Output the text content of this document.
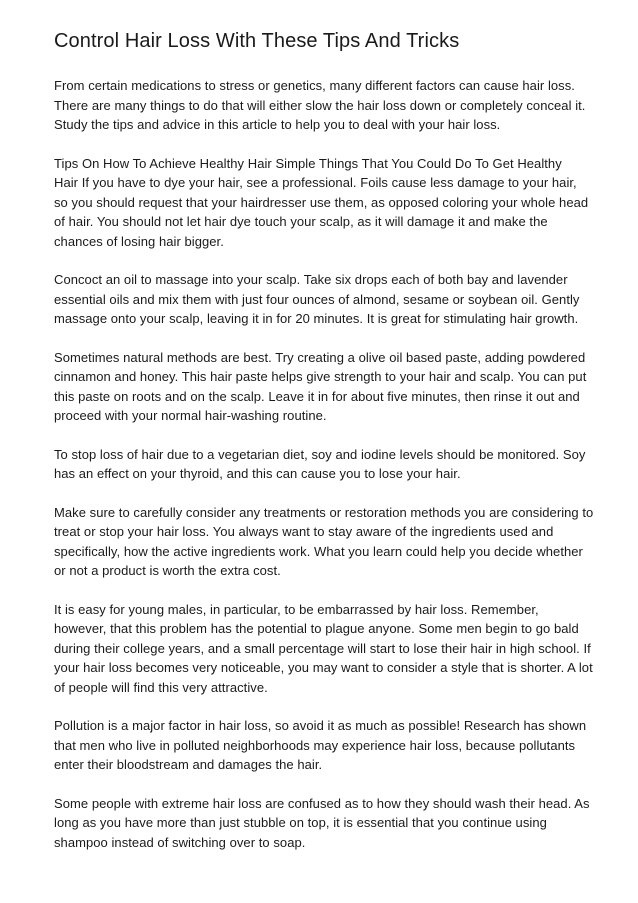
Control Hair Loss With These Tips And Tricks

From certain medications to stress or genetics, many different factors can cause hair loss.
There are many things to do that will either slow the hair loss down or completely conceal it.
Study the tips and advice in this article to help you to deal with your hair loss.

Tips On How To Achieve Healthy Hair Simple Things That You Could Do To Get Healthy
Hair If you have to dye your hair, see a professional. Foils cause less damage to your hair,
so you should request that your hairdresser use them, as opposed coloring your whole head
of hair. You should not let hair dye touch your scalp, as it will damage it and make the
chances of losing hair bigger.

Concoct an oil to massage into your scalp. Take six drops each of both bay and lavender
essential oils and mix them with just four ounces of almond, sesame or soybean oil. Gently
massage onto your scalp, leaving it in for 20 minutes. It is great for stimulating hair growth.

Sometimes natural methods are best. Try creating a olive oil based paste, adding powdered
cinnamon and honey. This hair paste helps give strength to your hair and scalp. You can put
this paste on roots and on the scalp. Leave it in for about five minutes, then rinse it out and
proceed with your normal hair-washing routine.

To stop loss of hair due to a vegetarian diet, soy and iodine levels should be monitored. Soy
has an effect on your thyroid, and this can cause you to lose your hair.

Make sure to carefully consider any treatments or restoration methods you are considering to
treat or stop your hair loss. You always want to stay aware of the ingredients used and
specifically, how the active ingredients work. What you learn could help you decide whether
or not a product is worth the extra cost.

It is easy for young males, in particular, to be embarrassed by hair loss. Remember,
however, that this problem has the potential to plague anyone. Some men begin to go bald
during their college years, and a small percentage will start to lose their hair in high school. If
your hair loss becomes very noticeable, you may want to consider a style that is shorter. A lot
of people will find this very attractive.

Pollution is a major factor in hair loss, so avoid it as much as possible! Research has shown
that men who live in polluted neighborhoods may experience hair loss, because pollutants
enter their bloodstream and damages the hair.

Some people with extreme hair loss are confused as to how they should wash their head. As
long as you have more than just stubble on top, it is essential that you continue using
shampoo instead of switching over to soap.
